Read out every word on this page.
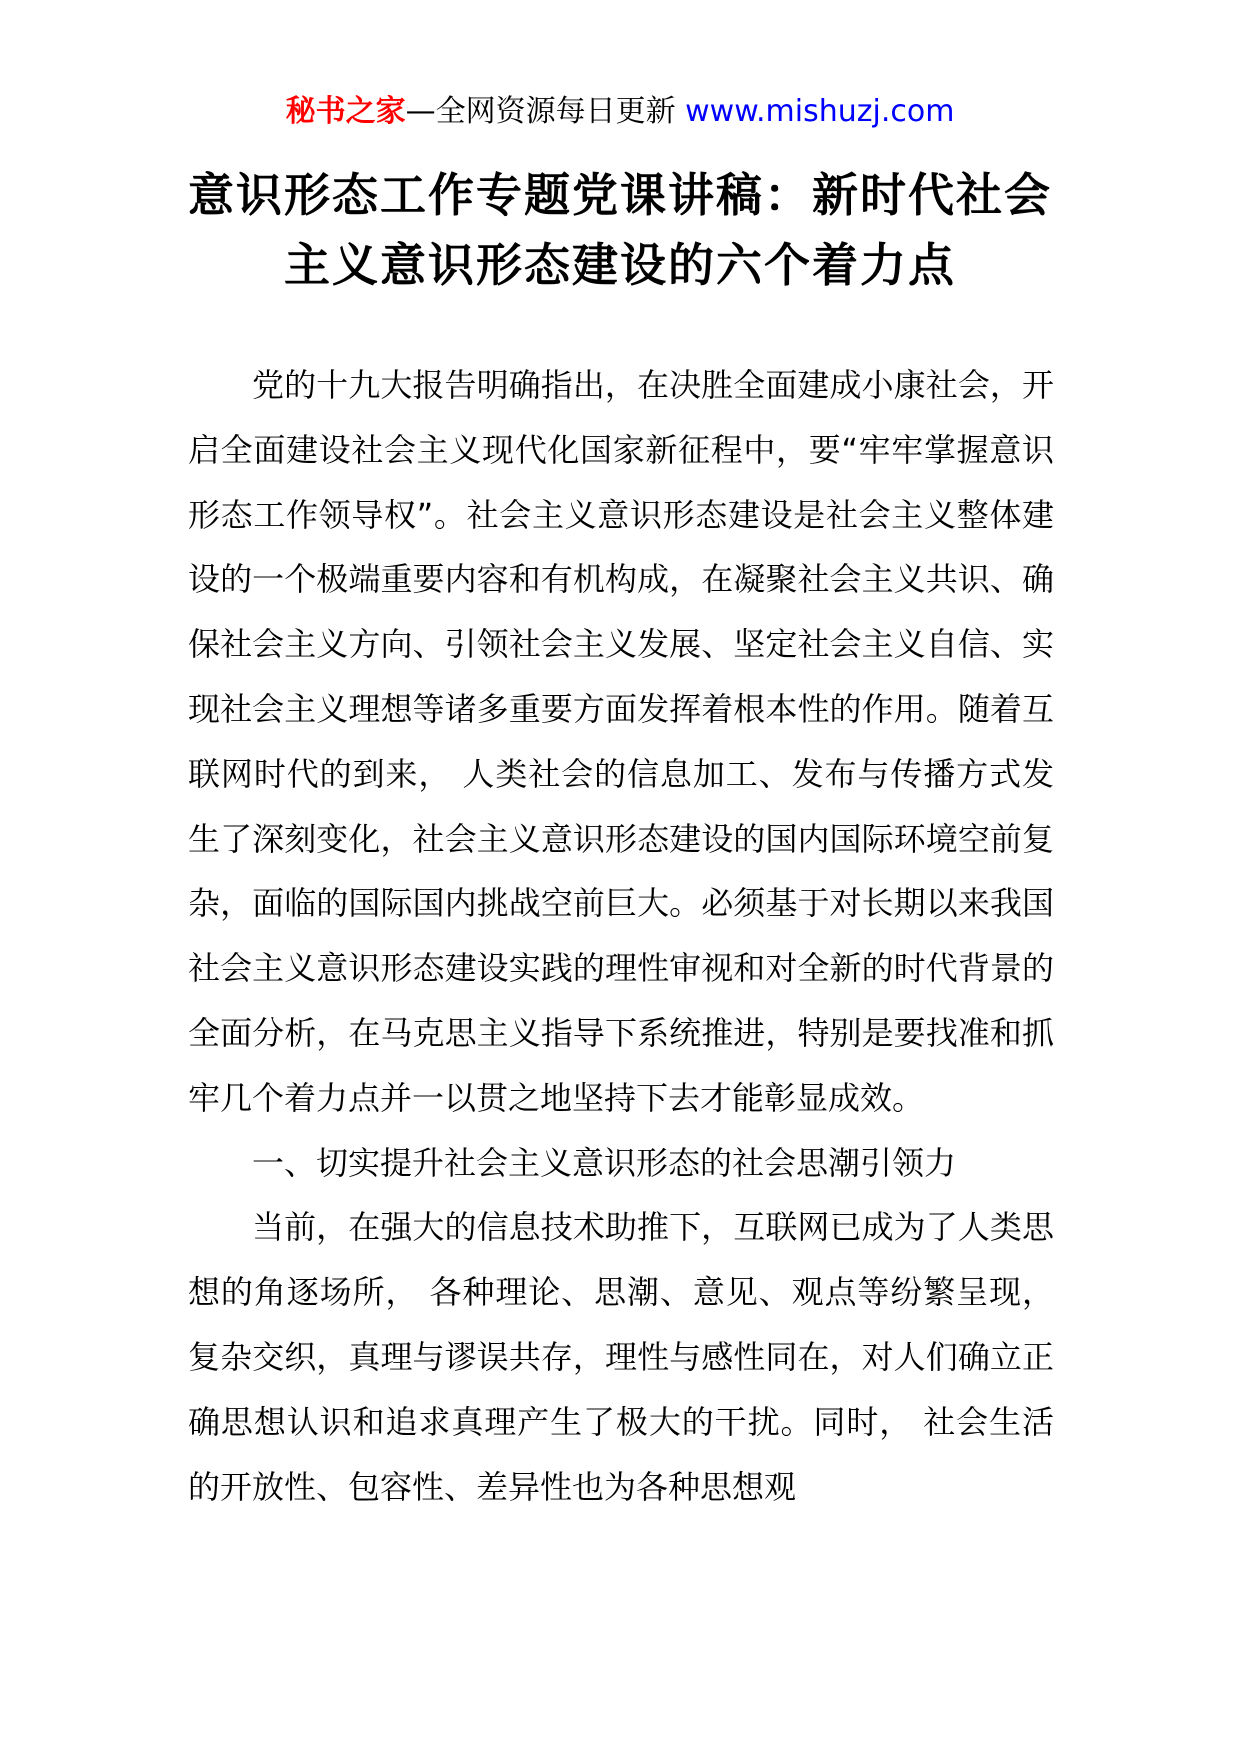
秘书之家—全网资源每日更新 www.mishuzj.com
意识形态工作专题党课讲稿：新时代社会
主义意识形态建设的六个着力点

党的十九大报告明确指出，在决胜全面建成小康社会，开启全面建设社会主义现代化国家新征程中，要“牢牢掌握意识形态工作领导权”。社会主义意识形态建设是社会主义整体建设的一个极端重要内容和有机构成，在凝聚社会主义共识、确保社会主义方向、引领社会主义发展、坚定社会主义自信、实现社会主义理想等诸多重要方面发挥着根本性的作用。随着互联网时代的到来， 人类社会的信息加工、发布与传播方式发生了深刻变化，社会主义意识形态建设的国内国际环境空前复杂，面临的国际国内挑战空前巨大。必须基于对长期以来我国社会主义意识形态建设实践的理性审视和对全新的时代背景的全面分析，在马克思主义指导下系统推进，特别是要找准和抓牢几个着力点并一以贯之地坚持下去才能彰显成效。

一、切实提升社会主义意识形态的社会思潮引领力

当前，在强大的信息技术助推下，互联网已成为了人类思想的角逐场所， 各种理论、思潮、意见、观点等纷繁呈现，复杂交织，真理与谬误共存，理性与感性同在，对人们确立正确思想认识和追求真理产生了极大的干扰。同时， 社会生活的开放性、包容性、差异性也为各种思想观
